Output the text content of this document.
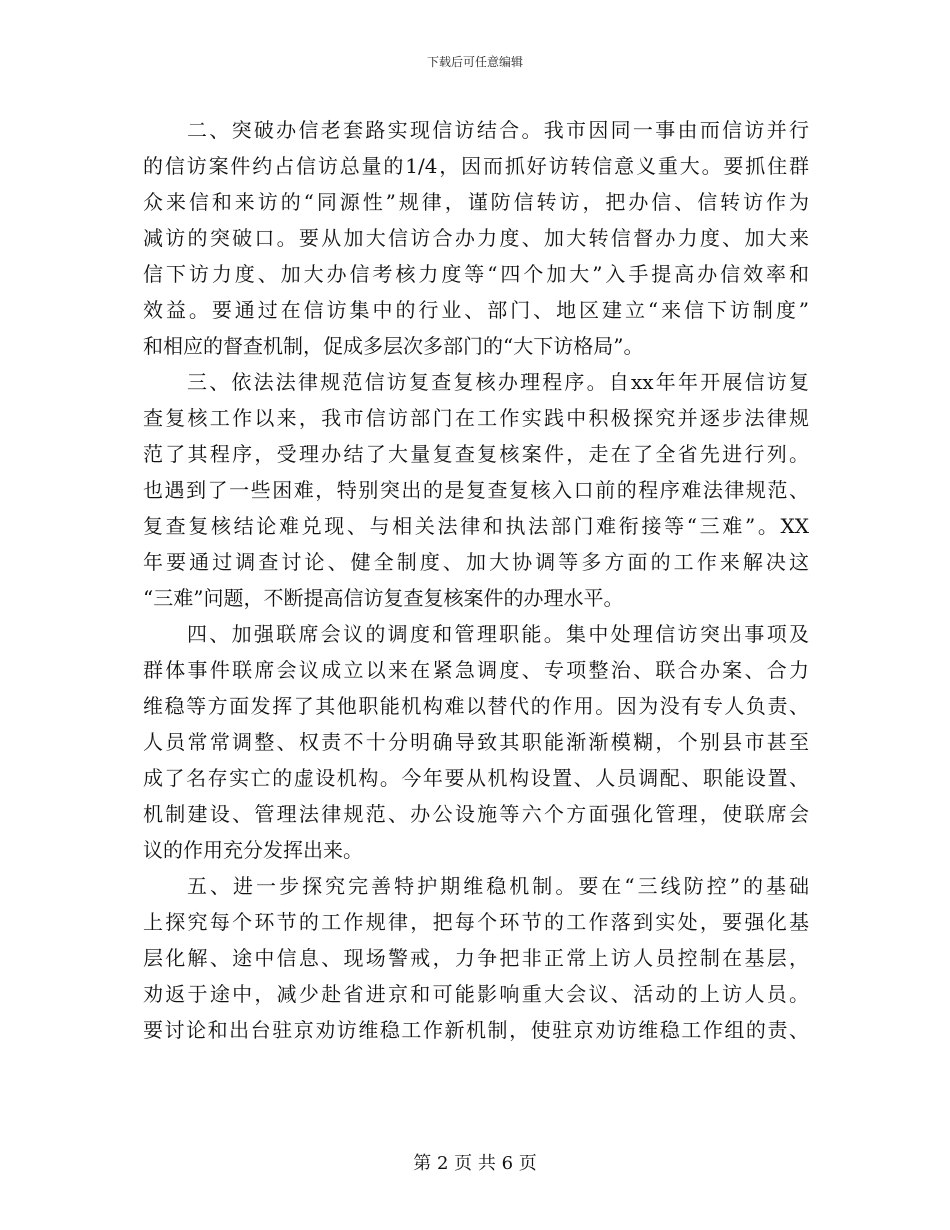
下载后可任意编辑
二、突破办信老套路实现信访结合。我市因同一事由而信访并行
的信访案件约占信访总量的1/4，因而抓好访转信意义重大。要抓住群
众来信和来访的“同源性”规律，谨防信转访，把办信、信转访作为
减访的突破口。要从加大信访合办力度、加大转信督办力度、加大来
信下访力度、加大办信考核力度等“四个加大”入手提高办信效率和
效益。要通过在信访集中的行业、部门、地区建立“来信下访制度”
和相应的督查机制，促成多层次多部门的“大下访格局”。
三、依法法律规范信访复查复核办理程序。自xx年年开展信访复
查复核工作以来，我市信访部门在工作实践中积极探究并逐步法律规
范了其程序，受理办结了大量复查复核案件，走在了全省先进行列。
也遇到了一些困难，特别突出的是复查复核入口前的程序难法律规范、
复查复核结论难兑现、与相关法律和执法部门难衔接等“三难”。XX
年要通过调查讨论、健全制度、加大协调等多方面的工作来解决这
“三难”问题，不断提高信访复查复核案件的办理水平。
四、加强联席会议的调度和管理职能。集中处理信访突出事项及
群体事件联席会议成立以来在紧急调度、专项整治、联合办案、合力
维稳等方面发挥了其他职能机构难以替代的作用。因为没有专人负责、
人员常常调整、权责不十分明确导致其职能渐渐模糊，个别县市甚至
成了名存实亡的虚设机构。今年要从机构设置、人员调配、职能设置、
机制建设、管理法律规范、办公设施等六个方面强化管理，使联席会
议的作用充分发挥出来。
五、进一步探究完善特护期维稳机制。要在“三线防控”的基础
上探究每个环节的工作规律，把每个环节的工作落到实处，要强化基
层化解、途中信息、现场警戒，力争把非正常上访人员控制在基层，
劝返于途中，减少赴省进京和可能影响重大会议、活动的上访人员。
要讨论和出台驻京劝访维稳工作新机制，使驻京劝访维稳工作组的责、
第 2 页 共 6 页
